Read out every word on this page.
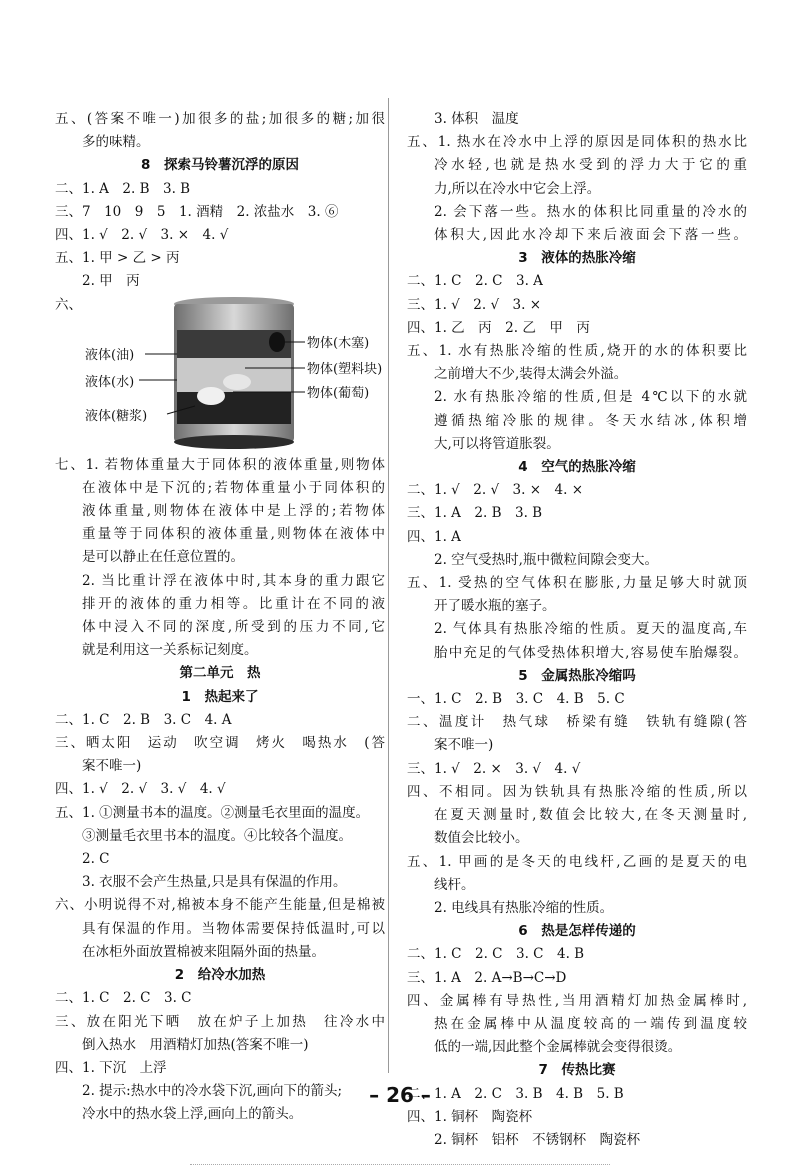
五、(答案不唯一)加很多的盐;加很多的糖;加很
多的味精。
8　探索马铃薯沉浮的原因
二、1. A　2. B　3. B
三、7　10　9　5　1. 酒精　2. 浓盐水　3. ⑥
四、1. √　2. √　3. ×　4. √
五、1. 甲 > 乙 > 丙
2. 甲　丙
六、
液体(油)
液体(水)
液体(糖浆)
物体(木塞)
物体(塑料块)
物体(葡萄)
七、1. 若物体重量大于同体积的液体重量,则物体
在液体中是下沉的;若物体重量小于同体积的
液体重量,则物体在液体中是上浮的;若物体
重量等于同体积的液体重量,则物体在液体中
是可以静止在任意位置的。
2. 当比重计浮在液体中时,其本身的重力跟它
排开的液体的重力相等。比重计在不同的液
体中浸入不同的深度,所受到的压力不同,它
就是利用这一关系标记刻度。
第二单元　热
1　热起来了
二、1. C　2. B　3. C　4. A
三、晒太阳　运动　吹空调　烤火　喝热水　(答
案不唯一)
四、1. √　2. √　3. √　4. √
五、1. ①测量书本的温度。②测量毛衣里面的温度。
③测量毛衣里书本的温度。④比较各个温度。
2. C
3. 衣服不会产生热量,只是具有保温的作用。
六、小明说得不对,棉被本身不能产生能量,但是棉被
具有保温的作用。当物体需要保持低温时,可以
在冰柜外面放置棉被来阻隔外面的热量。
2　给冷水加热
二、1. C　2. C　3. C
三、放在阳光下晒　放在炉子上加热　往冷水中
倒入热水　用酒精灯加热(答案不唯一)
四、1. 下沉　上浮
2. 提示:热水中的冷水袋下沉,画向下的箭头;
冷水中的热水袋上浮,画向上的箭头。
3. 体积　温度
五、1. 热水在冷水中上浮的原因是同体积的热水比
冷水轻,也就是热水受到的浮力大于它的重
力,所以在冷水中它会上浮。
2. 会下落一些。热水的体积比同重量的冷水的
体积大,因此水冷却下来后液面会下落一些。
3　液体的热胀冷缩
二、1. C　2. C　3. A
三、1. √　2. √　3. ×
四、1. 乙　丙　2. 乙　甲　丙
五、1. 水有热胀冷缩的性质,烧开的水的体积要比
之前增大不少,装得太满会外溢。
2. 水有热胀冷缩的性质,但是 4℃以下的水就
遵循热缩冷胀的规律。冬天水结冰,体积增
大,可以将管道胀裂。
4　空气的热胀冷缩
二、1. √　2. √　3. ×　4. ×
三、1. A　2. B　3. B
四、1. A
2. 空气受热时,瓶中微粒间隙会变大。
五、1. 受热的空气体积在膨胀,力量足够大时就顶
开了暖水瓶的塞子。
2. 气体具有热胀冷缩的性质。夏天的温度高,车
胎中充足的气体受热体积增大,容易使车胎爆裂。
5　金属热胀冷缩吗
一、1. C　2. B　3. C　4. B　5. C
二、温度计　热气球　桥梁有缝　铁轨有缝隙(答
案不唯一)
三、1. √　2. ×　3. √　4. √
四、不相同。因为铁轨具有热胀冷缩的性质,所以
在夏天测量时,数值会比较大,在冬天测量时,
数值会比较小。
五、1. 甲画的是冬天的电线杆,乙画的是夏天的电
线杆。
2. 电线具有热胀冷缩的性质。
6　热是怎样传递的
二、1. C　2. C　3. C　4. B
三、1. A　2. A→B→C→D
四、金属棒有导热性,当用酒精灯加热金属棒时,
热在金属棒中从温度较高的一端传到温度较
低的一端,因此整个金属棒就会变得很烫。
7　传热比赛
二、1. A　2. C　3. B　4. B　5. B
四、1. 铜杯　陶瓷杯
2. 铜杯　铝杯　不锈钢杯　陶瓷杯
– 26 –
